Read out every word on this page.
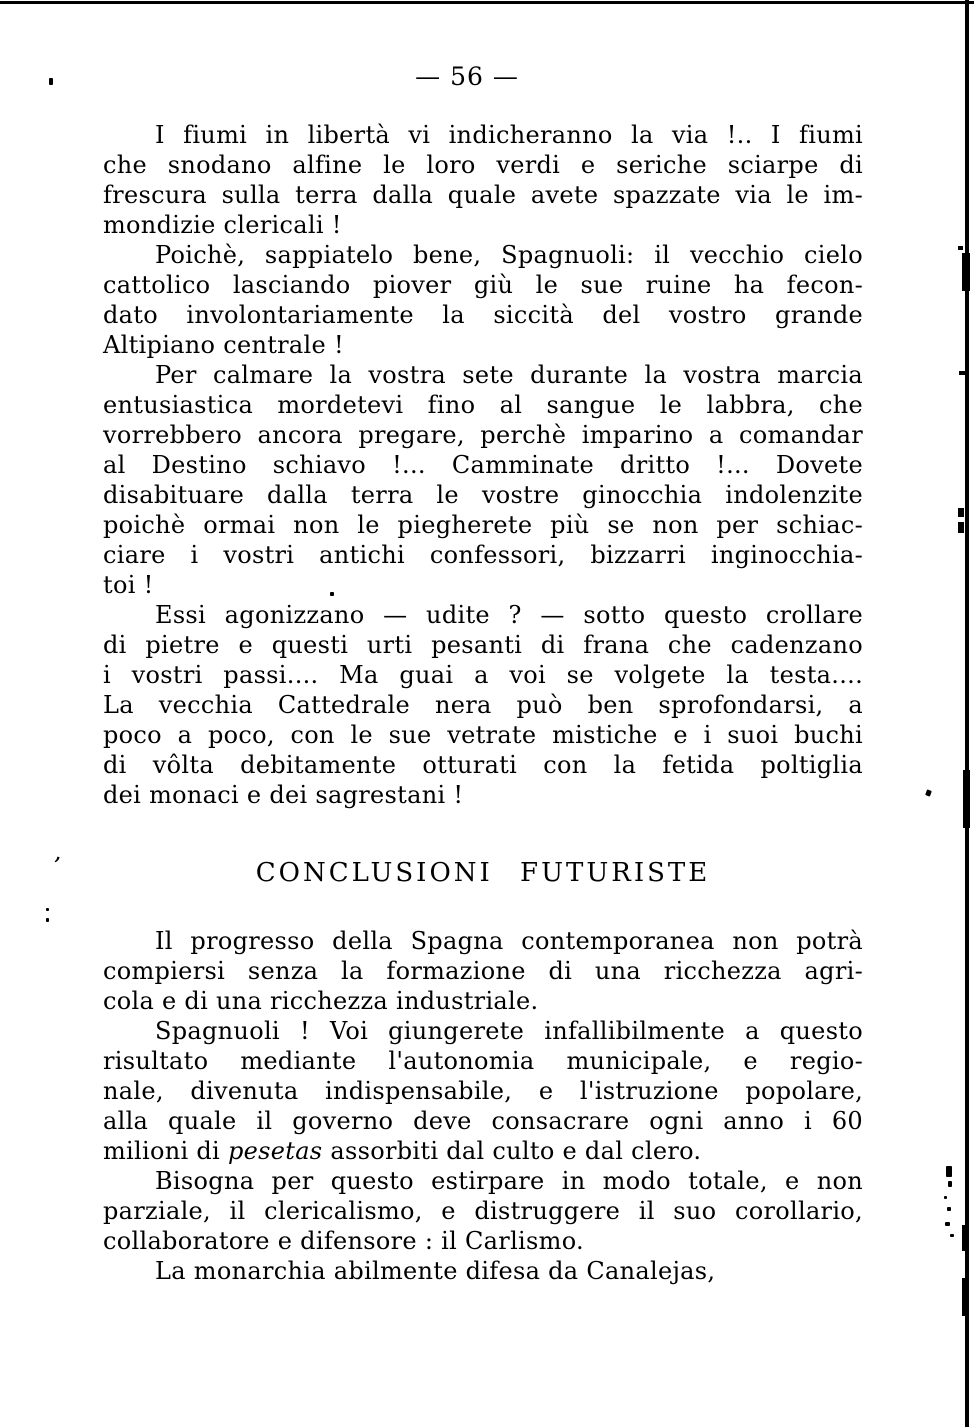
’
— 56 —
I fiumi in libertà vi indicheranno la via !.. I fiumi
che snodano alfine le loro verdi e seriche sciarpe di
frescura sulla terra dalla quale avete spazzate via le im-
mondizie clericali !
Poichè, sappiatelo bene, Spagnuoli: il vecchio cielo
cattolico lasciando piover giù le sue ruine ha fecon-
dato involontariamente la siccità del vostro grande
Altipiano centrale !
Per calmare la vostra sete durante la vostra marcia
entusiastica mordetevi fino al sangue le labbra, che
vorrebbero ancora pregare, perchè imparino a comandar
al Destino schiavo !... Camminate dritto !... Dovete
disabituare dalla terra le vostre ginocchia indolenzite
poichè ormai non le piegherete più se non per schiac-
ciare i vostri antichi confessori, bizzarri inginocchia-
toi !
Essi agonizzano — udite ? — sotto questo crollare
di pietre e questi urti pesanti di frana che cadenzano
i vostri passi.... Ma guai a voi se volgete la testa....
La vecchia Cattedrale nera può ben sprofondarsi, a
poco a poco, con le sue vetrate mistiche e i suoi buchi
di vôlta debitamente otturati con la fetida poltiglia
dei monaci e dei sagrestani !
CONCLUSIONI FUTURISTE
Il progresso della Spagna contemporanea non potrà
compiersi senza la formazione di una ricchezza agri-
cola e di una ricchezza industriale.
Spagnuoli ! Voi giungerete infallibilmente a questo
risultato mediante l'autonomia municipale, e regio-
nale, divenuta indispensabile, e l'istruzione popolare,
alla quale il governo deve consacrare ogni anno i 60
milioni di pesetas assorbiti dal culto e dal clero.
Bisogna per questo estirpare in modo totale, e non
parziale, il clericalismo, e distruggere il suo corollario,
collaboratore e difensore : il Carlismo.
La monarchia abilmente difesa da Canalejas,
